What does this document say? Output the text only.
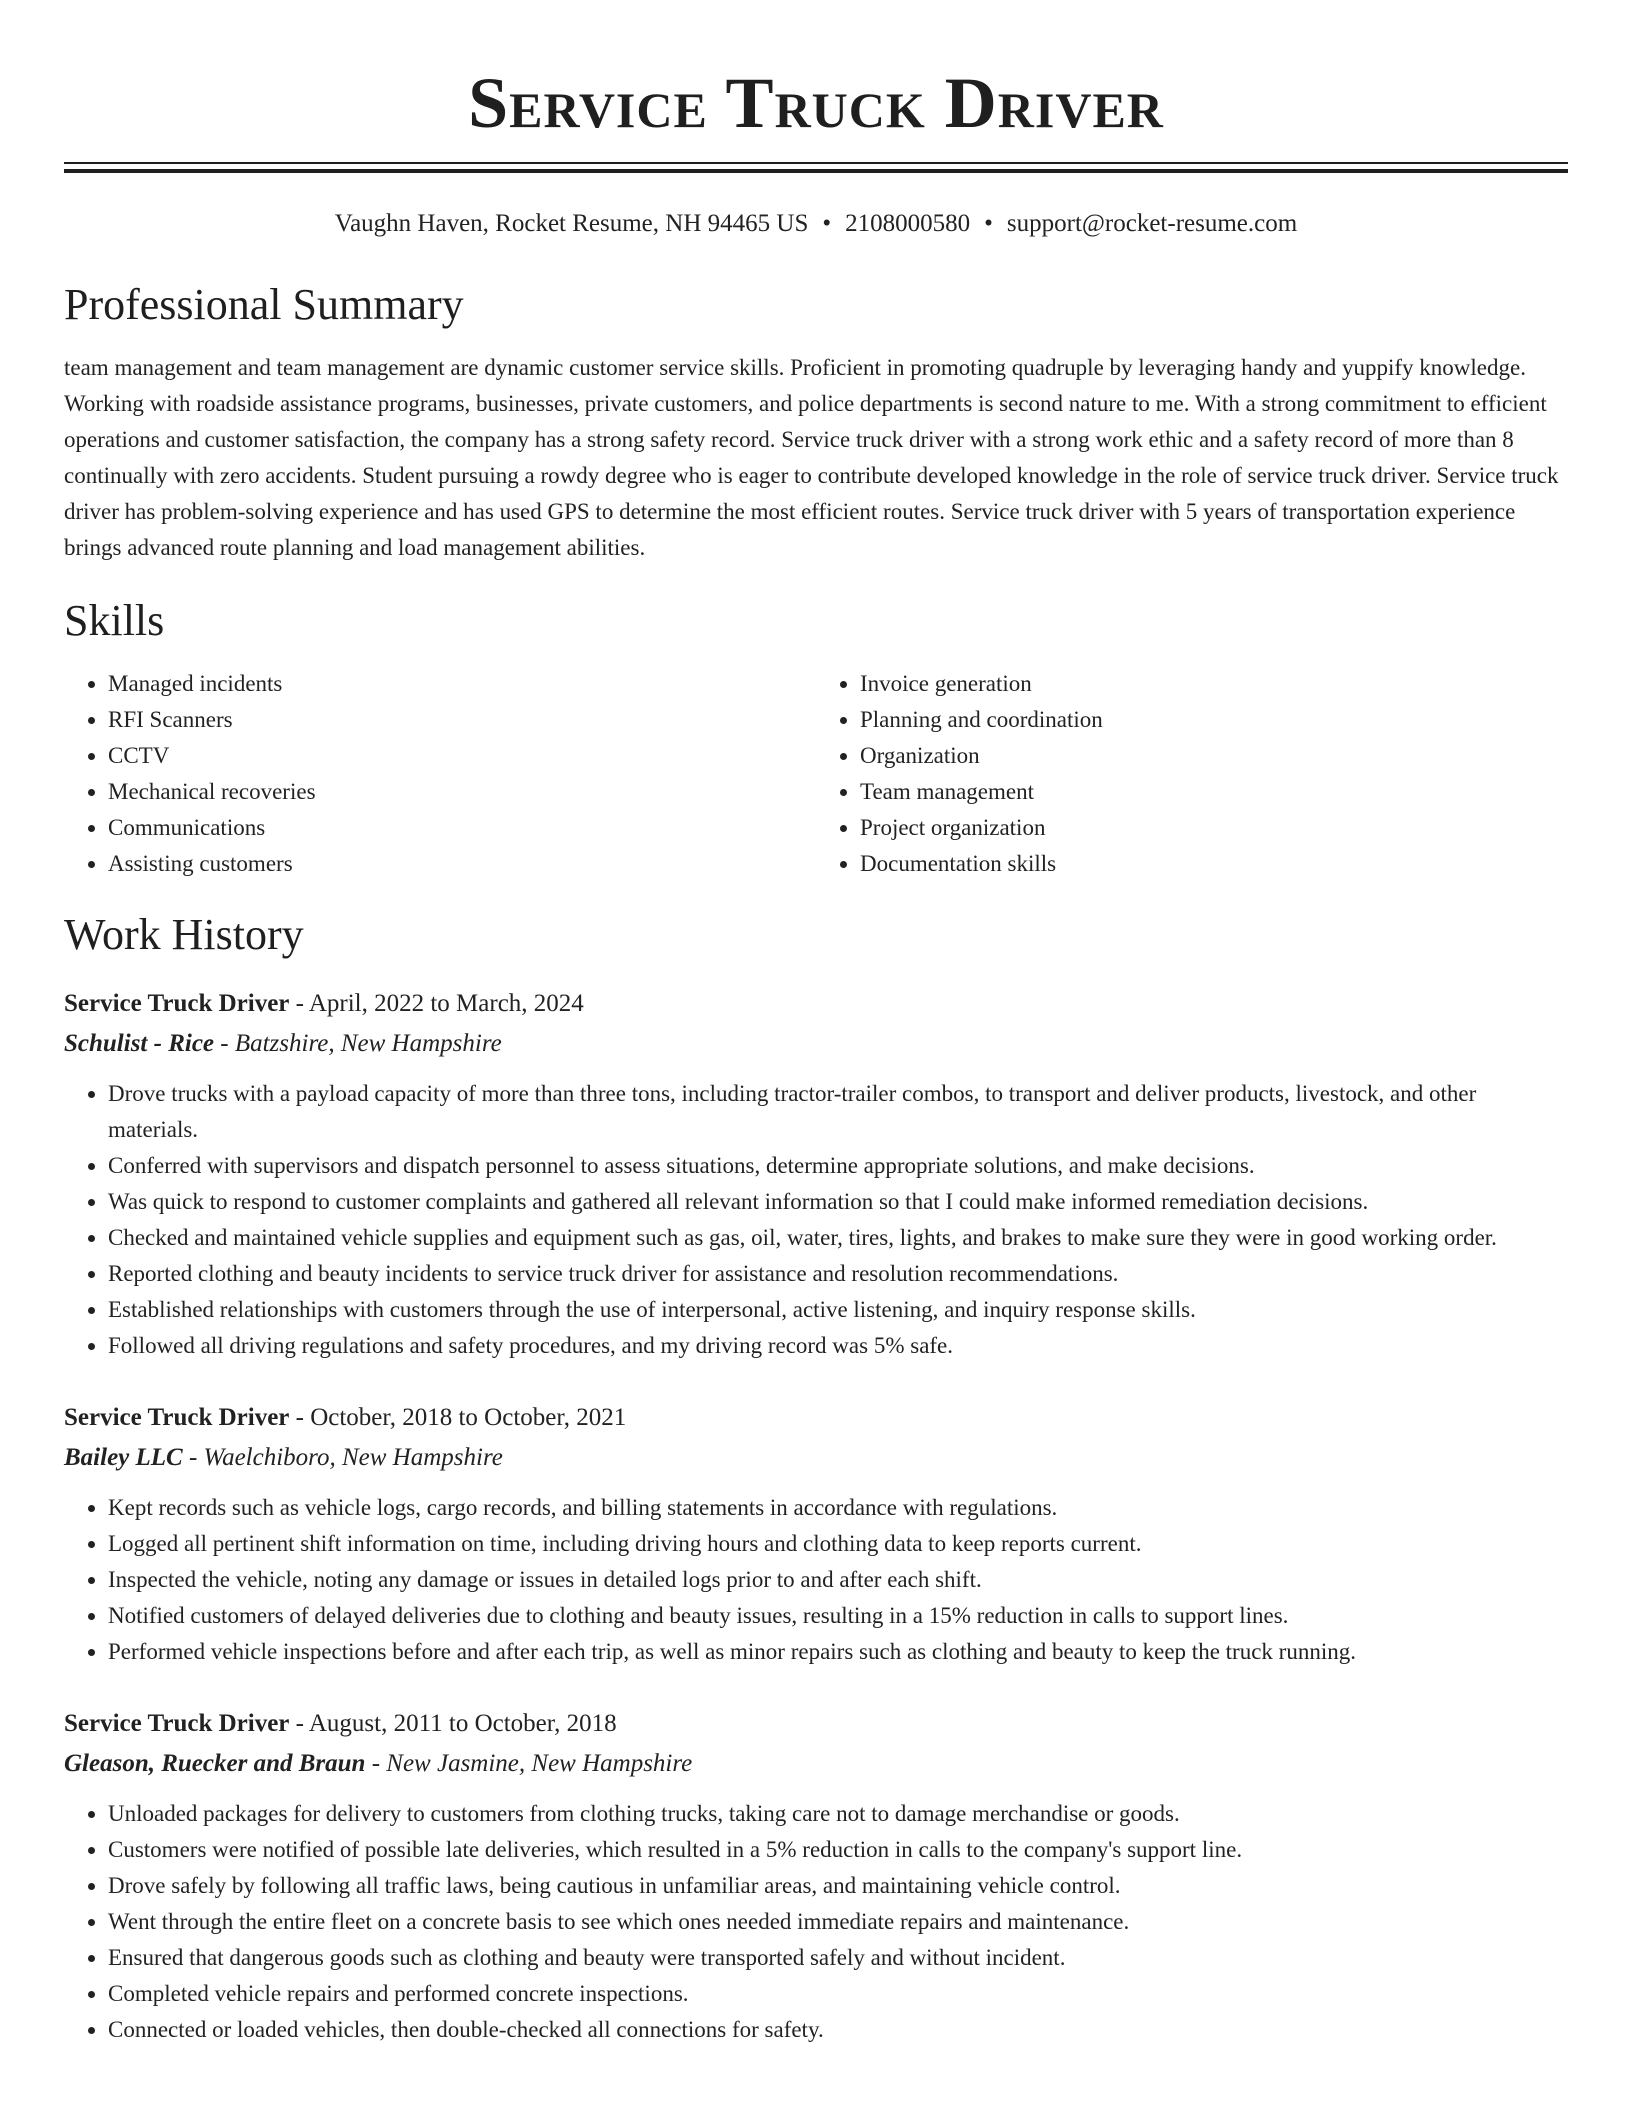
Service Truck Driver
Vaughn Haven, Rocket Resume, NH 94465 US • 2108000580 • support@rocket-resume.com
Professional Summary

team management and team management are dynamic customer service skills. Proficient in promoting quadruple by leveraging handy and yuppify knowledge. Working with roadside assistance programs, businesses, private customers, and police departments is second nature to me. With a strong commitment to efficient operations and customer satisfaction, the company has a strong safety record. Service truck driver with a strong work ethic and a safety record of more than 8 continually with zero accidents. Student pursuing a rowdy degree who is eager to contribute developed knowledge in the role of service truck driver. Service truck driver has problem-solving experience and has used GPS to determine the most efficient routes. Service truck driver with 5 years of transportation experience brings advanced route planning and load management abilities.

Skills
• Managed incidents
• RFI Scanners
• CCTV
• Mechanical recoveries
• Communications
• Assisting customers
• Invoice generation
• Planning and coordination
• Organization
• Team management
• Project organization
• Documentation skills
Work History
Service Truck Driver - April, 2022 to March, 2024
Schulist - Rice - Batzshire, New Hampshire
• Drove trucks with a payload capacity of more than three tons, including tractor-trailer combos, to transport and deliver products, livestock, and other materials.
• Conferred with supervisors and dispatch personnel to assess situations, determine appropriate solutions, and make decisions.
• Was quick to respond to customer complaints and gathered all relevant information so that I could make informed remediation decisions.
• Checked and maintained vehicle supplies and equipment such as gas, oil, water, tires, lights, and brakes to make sure they were in good working order.
• Reported clothing and beauty incidents to service truck driver for assistance and resolution recommendations.
• Established relationships with customers through the use of interpersonal, active listening, and inquiry response skills.
• Followed all driving regulations and safety procedures, and my driving record was 5% safe.
Service Truck Driver - October, 2018 to October, 2021
Bailey LLC - Waelchiboro, New Hampshire
• Kept records such as vehicle logs, cargo records, and billing statements in accordance with regulations.
• Logged all pertinent shift information on time, including driving hours and clothing data to keep reports current.
• Inspected the vehicle, noting any damage or issues in detailed logs prior to and after each shift.
• Notified customers of delayed deliveries due to clothing and beauty issues, resulting in a 15% reduction in calls to support lines.
• Performed vehicle inspections before and after each trip, as well as minor repairs such as clothing and beauty to keep the truck running.
Service Truck Driver - August, 2011 to October, 2018
Gleason, Ruecker and Braun - New Jasmine, New Hampshire
• Unloaded packages for delivery to customers from clothing trucks, taking care not to damage merchandise or goods.
• Customers were notified of possible late deliveries, which resulted in a 5% reduction in calls to the company's support line.
• Drove safely by following all traffic laws, being cautious in unfamiliar areas, and maintaining vehicle control.
• Went through the entire fleet on a concrete basis to see which ones needed immediate repairs and maintenance.
• Ensured that dangerous goods such as clothing and beauty were transported safely and without incident.
• Completed vehicle repairs and performed concrete inspections.
• Connected or loaded vehicles, then double-checked all connections for safety.
